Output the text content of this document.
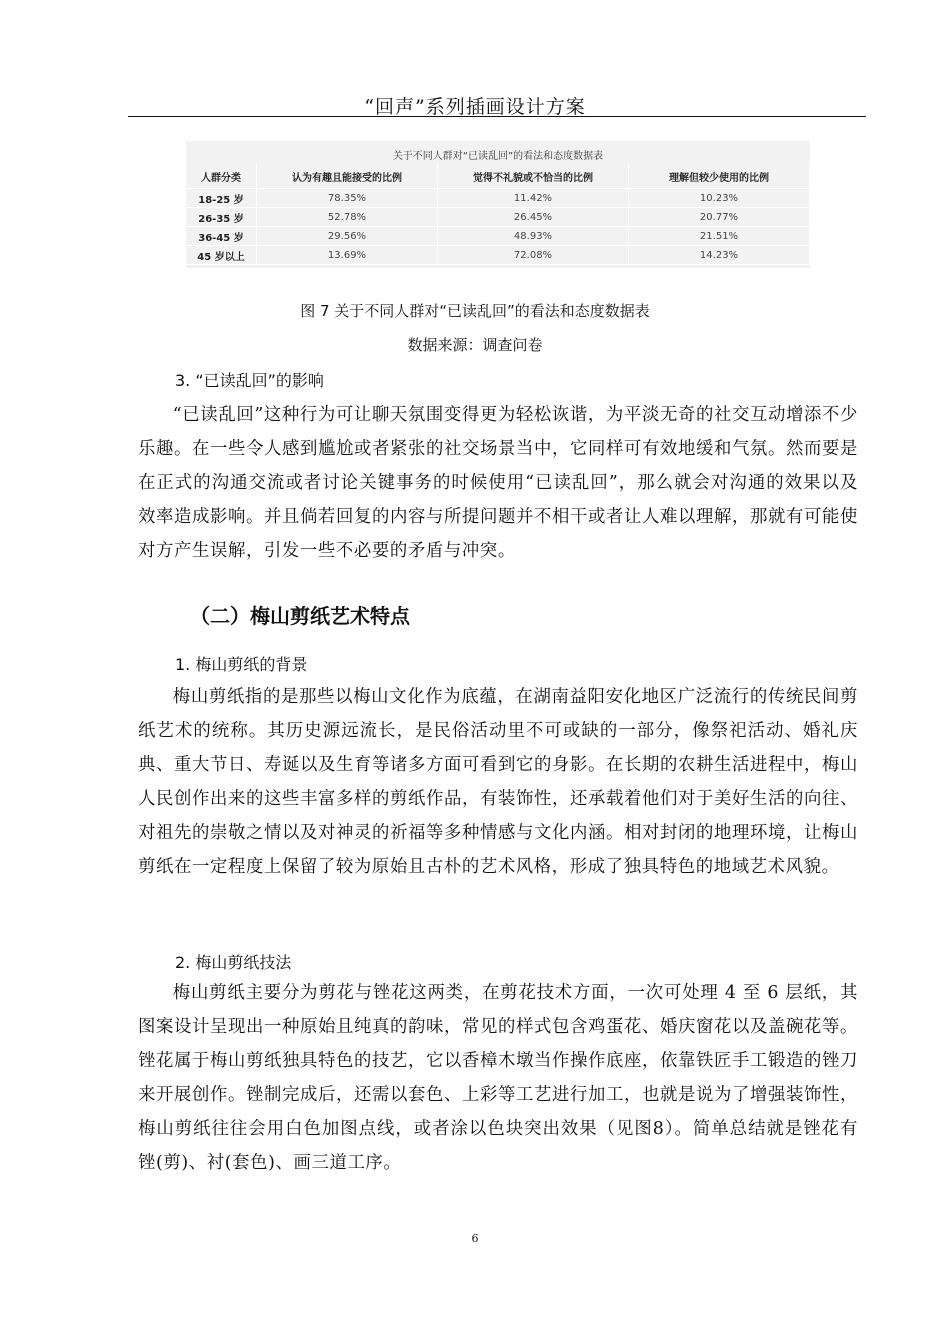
“回声”系列插画设计方案
关于不同人群对“已读乱回”的看法和态度数据表
人群分类	认为有趣且能接受的比例	觉得不礼貌或不恰当的比例	理解但较少使用的比例
18-25 岁	78.35%	11.42%	10.23%
26-35 岁	52.78%	26.45%	20.77%
36-45 岁	29.56%	48.93%	21.51%
45 岁以上	13.69%	72.08%	14.23%
图 7 关于不同人群对“已读乱回”的看法和态度数据表
数据来源：调查问卷
3. “已读乱回”的影响

“已读乱回”这种行为可让聊天氛围变得更为轻松诙谐，为平淡无奇的社交互动增添不少乐趣。在一些令人感到尴尬或者紧张的社交场景当中，它同样可有效地缓和气氛。然而要是在正式的沟通交流或者讨论关键事务的时候使用“已读乱回”，那么就会对沟通的效果以及效率造成影响。并且倘若回复的内容与所提问题并不相干或者让人难以理解，那就有可能使对方产生误解，引发一些不必要的矛盾与冲突。

（二）梅山剪纸艺术特点
1. 梅山剪纸的背景

梅山剪纸指的是那些以梅山文化作为底蕴，在湖南益阳安化地区广泛流行的传统民间剪纸艺术的统称。其历史源远流长，是民俗活动里不可或缺的一部分，像祭祀活动、婚礼庆典、重大节日、寿诞以及生育等诸多方面可看到它的身影。在长期的农耕生活进程中，梅山人民创作出来的这些丰富多样的剪纸作品，有装饰性，还承载着他们对于美好生活的向往、对祖先的崇敬之情以及对神灵的祈福等多种情感与文化内涵。相对封闭的地理环境，让梅山剪纸在一定程度上保留了较为原始且古朴的艺术风格，形成了独具特色的地域艺术风貌。

2. 梅山剪纸技法

梅山剪纸主要分为剪花与锉花这两类，在剪花技术方面，一次可处理 4 至 6 层纸，其图案设计呈现出一种原始且纯真的韵味，常见的样式包含鸡蛋花、婚庆窗花以及盖碗花等。锉花属于梅山剪纸独具特色的技艺，它以香樟木墩当作操作底座，依靠铁匠手工锻造的锉刀来开展创作。锉制完成后，还需以套色、上彩等工艺进行加工，也就是说为了增强装饰性，梅山剪纸往往会用白色加图点线，或者涂以色块突出效果（见图8）。简单总结就是锉花有锉(剪)、衬(套色)、画三道工序。

6
